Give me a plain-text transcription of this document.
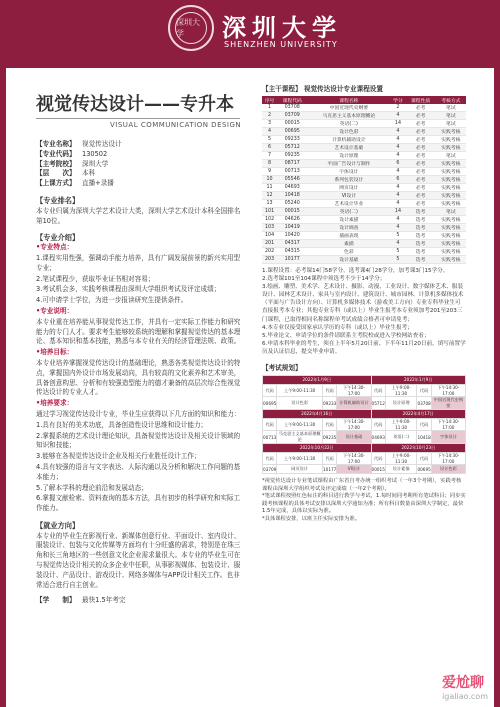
深圳大学	深圳大学
SHENZHEN UNIVERSITY
视觉传达设计——专升本
VISUAL COMMUNICATION DESIGN
【专业名称】 视觉传达设计
【专业代码】 130502
【主考院校】 深圳大学
【层　　次】 本科
【上课方式】 直播+录播
【专业排名】
本专业归属为深圳大学艺术设计大类，深圳大学艺术设计本科全国排名第10位。
【专业介绍】
•专业特点：
1.课程实用性强，强调动手能力培养，具有广阔发展前景的新兴实用型专业；
2.笔试课程少，获取毕业证书相对容易；
3.考试机会多，实践考核课程由深圳大学组织考试及评定成绩；
4.可申请学士学位，为进一步报读研究生提供条件。
•专业说明：
本专业重在培养能从事视觉传达工作，并具有一定实际工作能力和研究能力的专门人才。要求考生能够较系统的理解和掌握视觉传达的基本理论、基本知识和基本技能，熟悉与本专业有关的经济管理法规、政策。
•培养目标：
本专业培养掌握视觉传达设计的基础理论，熟悉各类视觉传达设计的特点，掌握国内外设计市场发展动向，具有较高的文化素养和艺术审美，具备创意构思、分析和有较强造型能力的德才兼备的高层次综合性视觉传达设计的专业人才。
•培养要求：
通过学习视觉传达设计专业，毕业生应获得以下几方面的知识和能力：
1.具有良好的美术功底，具备创造性设计思维和设计能力；
2.掌握系统的艺术设计理论知识，具备视觉传达设计及相关设计领域的知识和技能；
3.能够在各视觉传达设计企业及相关行业胜任设计工作；
4.具有较强的语言与文字表达、人际沟通以及分析和解决工作问题的基本能力；
5.了解本学科的理论前沿和发展动态；
6.掌握文献检索、资料查询的基本方法，具有初步的科学研究和实际工作能力。
【就业方向】
本专业的毕业生在影视行业、新媒体创意行业、平面设计、室内设计、服装设计、包装与文化传媒等方面均有十分旺盛的需求，特别是在珠三角和长三角地区的一些创意文化企业需求量很大。本专业的毕业生可在与视觉传达设计相关的众多企业中任职，从事影视媒体、包装设计、服装设计、产品设计、游戏设计、网络多媒体与APP设计相关工作。也非常适合进行自主创业。
【学　　制】 最快1.5年考完
【主干课程】 视觉传达设计专业课程设置
序号	课程代码	课程名称	学分	课程性质	考核方式
1	03708	中国近现代史纲要	2	必考	笔试
2	03709	马克思主义基本原理概论	4	必考	笔试
3	00015	英语(二)	14	必考	笔试
4	00695	设计色彩	4	必考	实践考核
5	09233	计算机辅助设计	4	必考	实践考核
6	05712	艺术设计基础	4	必考	实践考核
7	09235	设计原理	4	必考	笔试
8	08717	平面广告设计与制作	6	必考	实践考核
9	00713	字体设计	4	必考	实践考核
10	05546	系列包装设计	6	必考	实践考核
11	04693	网页设计	4	必考	实践考核
12	10418	VI设计	4	必考	实践考核
13	05240	艺术设计毕业	4	必考	实践考核
101	00015	英语(二)	14	选考	笔试
102	04626	设计素描	4	选考	实践考核
103	10419	设计调查	4	选考	实践考核
104	10420	插画表现	5	选考	实践考核
201	04317	素描	4	选考	实践考核
202	04315	色彩	5	选考	实践考核
203	10177	设计基础	5	选考	实践考核
1.课程设置：必考课14门58学分，选考课4门28学分，加考课3门15学分。
2.选考课101至104课程中须选考不少于14学分；
3.绘画、雕塑、美术学、艺术设计、摄影、动漫、工业设计、数字媒体艺术、服装设计、园林艺术设计、家具与室内设计、建筑设计、城市园林、计算机多媒体技术（平面与广告设计方向）、计算机多媒体技术（游戏美工方向）专业专科毕业生可直接报考本专业；其他专业专科（或以上）毕业生报考本专业须加考201至203三门课程，已取得相同名称课程单考试成绩合格者可申请免考；
4.本专业仅接受国家承认学历的专科（或以上）毕业生报考；
5.毕业论文、申请学位的条件请联系主考院校或进入学校网站查看；
6.申请本科毕业的考生，须在上半年5月20日前、下半年11月20日前，填写前置学历及认证信息，提交毕业申请。
【考试规划】
2022年1月9日				2022年1月9日			
代码	上午9:00-11:30	代码	下午14:30-17:00	代码	上午9:00-11:30	代码	下午14:30-17:00
00695	设计色彩	09233	计算机辅助设计	05712	设计原理	03708	中国近现代史纲要
2022年4月16日				2022年4月17日			
代码	上午9:00-11:30	代码	下午14:30-17:00	代码	上午9:00-11:30	代码	下午14:30-17:00
00713	马克思主义基本原理概论	09235	设计基础	04693	英语(二)	10418	字体设计
2022年10月22日				2022年10月23日			
代码	上午9:00-11:30	代码	下午14:30-17:00	代码	上午9:00-11:30	代码	下午14:30-17:00
03709	网页设计	10177	VI设计	00015	设计素描	00695	设计色彩
*视觉传达设计专业笔试课程由广东省自考办统一组织考试（一年3个考期），实践考核课程由深圳大学组织考试及评定成绩（一年2个考期）。
*笔试课程按照红色标注的科目进行教学与考试，1.每时间同考期所有笔试科目；同步实践考核课程的具体考试安排以深圳大学通知为准；所有科目数量由深圳大学制定，最快1.5年完成，具体以实际为准。
*具体课程安排，以班主任实际安排为准。
爱尬聊
igaliao.com
